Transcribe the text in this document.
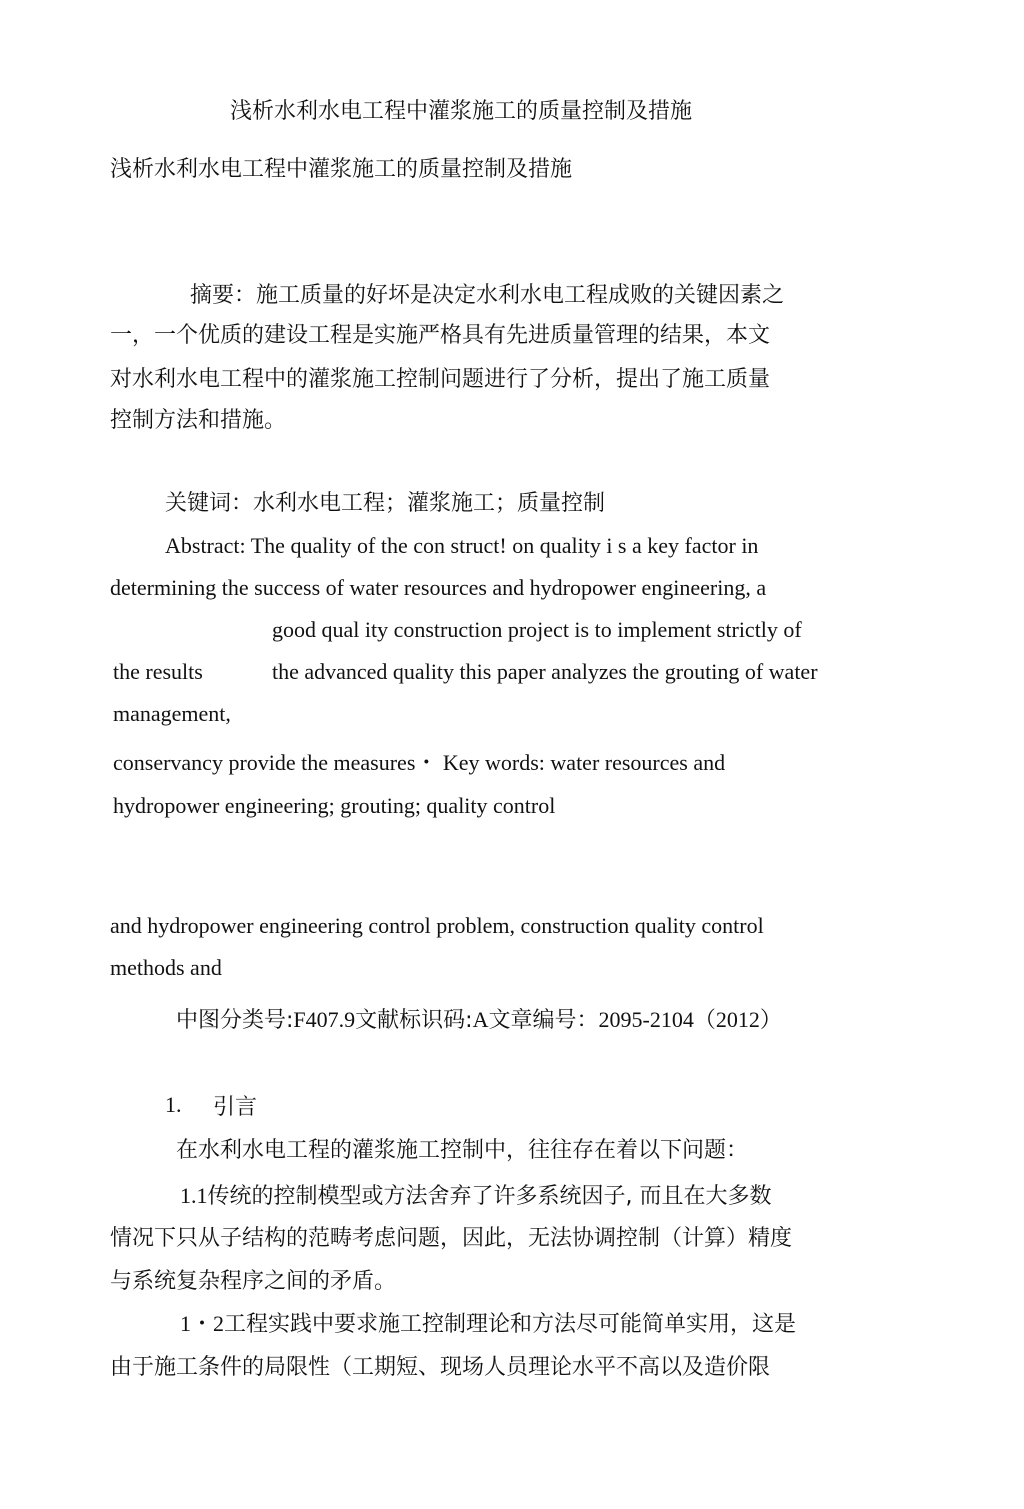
浅析水利水电工程中灌浆施工的质量控制及措施

浅析水利水电工程中灌浆施工的质量控制及措施

摘要：施工质量的好坏是决定水利水电工程成败的关键因素之

一，一个优质的建设工程是实施严格具有先进质量管理的结果，本文

对水利水电工程中的灌浆施工控制问题进行了分析，提出了施工质量

控制方法和措施。

关键词：水利水电工程；灌浆施工；质量控制

Abstract: The quality of the con struct! on quality i s a key factor in

determining the success of water resources and hydropower engineering, a

good qual ity construction project is to implement strictly of

the results	the advanced quality this paper analyzes the grouting of water

management,

conservancy provide the measures・ Key words: water resources and

hydropower engineering; grouting; quality control

and hydropower engineering control problem, construction quality control

methods and

中图分类号:F407.9文献标识码:A文章编号：2095-2104（2012）

1. 引言

在水利水电工程的灌浆施工控制中，往往存在着以下问题：

1.1传统的控制模型或方法舍弃了许多系统因子, 而且在大多数

情况下只从子结构的范畴考虑问题，因此，无法协调控制（计算）精度

与系统复杂程序之间的矛盾。

1・2工程实践中要求施工控制理论和方法尽可能简单实用，这是

由于施工条件的局限性（工期短、现场人员理论水平不高以及造价限
